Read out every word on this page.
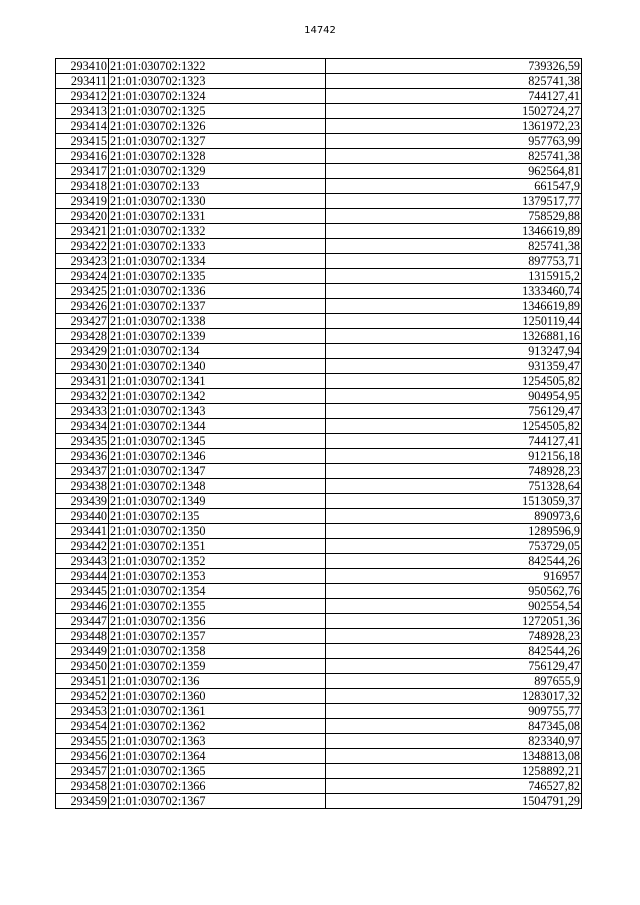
14742
293410	21:01:030702:1322	739326,59
293411	21:01:030702:1323	825741,38
293412	21:01:030702:1324	744127,41
293413	21:01:030702:1325	1502724,27
293414	21:01:030702:1326	1361972,23
293415	21:01:030702:1327	957763,99
293416	21:01:030702:1328	825741,38
293417	21:01:030702:1329	962564,81
293418	21:01:030702:133	661547,9
293419	21:01:030702:1330	1379517,77
293420	21:01:030702:1331	758529,88
293421	21:01:030702:1332	1346619,89
293422	21:01:030702:1333	825741,38
293423	21:01:030702:1334	897753,71
293424	21:01:030702:1335	1315915,2
293425	21:01:030702:1336	1333460,74
293426	21:01:030702:1337	1346619,89
293427	21:01:030702:1338	1250119,44
293428	21:01:030702:1339	1326881,16
293429	21:01:030702:134	913247,94
293430	21:01:030702:1340	931359,47
293431	21:01:030702:1341	1254505,82
293432	21:01:030702:1342	904954,95
293433	21:01:030702:1343	756129,47
293434	21:01:030702:1344	1254505,82
293435	21:01:030702:1345	744127,41
293436	21:01:030702:1346	912156,18
293437	21:01:030702:1347	748928,23
293438	21:01:030702:1348	751328,64
293439	21:01:030702:1349	1513059,37
293440	21:01:030702:135	890973,6
293441	21:01:030702:1350	1289596,9
293442	21:01:030702:1351	753729,05
293443	21:01:030702:1352	842544,26
293444	21:01:030702:1353	916957
293445	21:01:030702:1354	950562,76
293446	21:01:030702:1355	902554,54
293447	21:01:030702:1356	1272051,36
293448	21:01:030702:1357	748928,23
293449	21:01:030702:1358	842544,26
293450	21:01:030702:1359	756129,47
293451	21:01:030702:136	897655,9
293452	21:01:030702:1360	1283017,32
293453	21:01:030702:1361	909755,77
293454	21:01:030702:1362	847345,08
293455	21:01:030702:1363	823340,97
293456	21:01:030702:1364	1348813,08
293457	21:01:030702:1365	1258892,21
293458	21:01:030702:1366	746527,82
293459	21:01:030702:1367	1504791,29
